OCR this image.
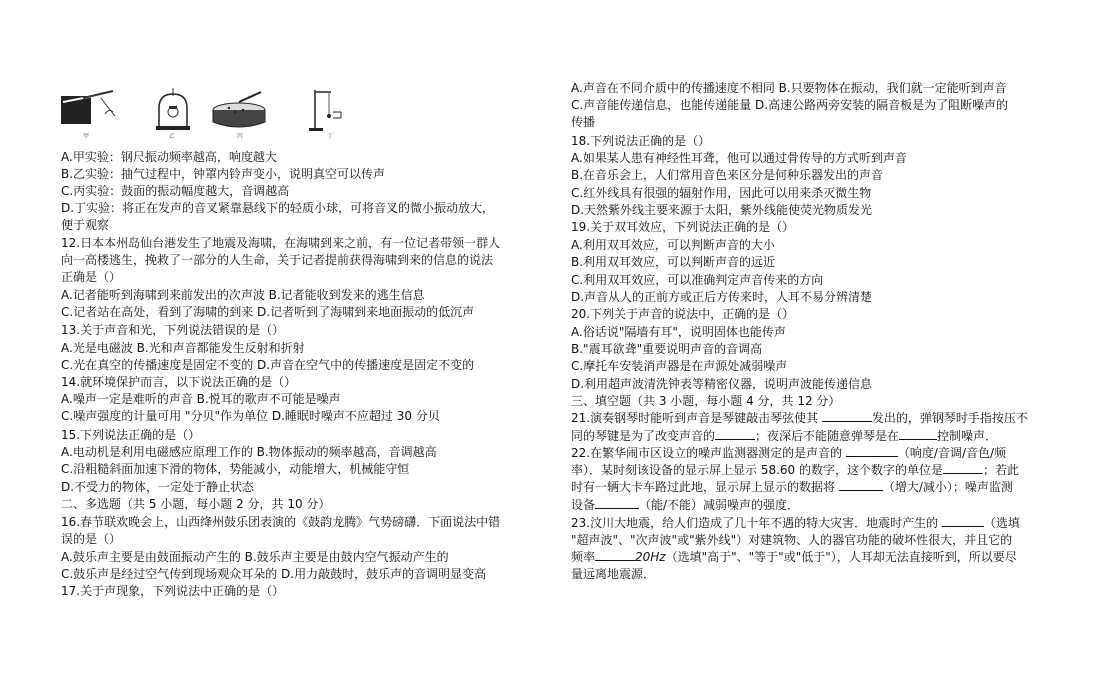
甲	乙	丙	丁
A.甲实验：钢尺振动频率越高，响度越大
B.乙实验：抽气过程中，钟罩内铃声变小，说明真空可以传声
C.丙实验：鼓面的振动幅度越大，音调越高
D.丁实验：将正在发声的音叉紧靠悬线下的轻质小球，可将音叉的微小振动放大，
便于观察
12.日本本州岛仙台港发生了地震及海啸，在海啸到来之前，有一位记者带领一群人
向一高楼逃生，挽救了一部分的人生命，关于记者提前获得海啸到来的信息的说法
正确是（）
A.记者能听到海啸到来前发出的次声波 B.记者能收到发来的逃生信息
C.记者站在高处，看到了海啸的到来 D.记者听到了海啸到来地面振动的低沉声
13.关于声音和光，下列说法错误的是（）
A.光是电磁波 B.光和声音都能发生反射和折射
C.光在真空的传播速度是固定不变的 D.声音在空气中的传播速度是固定不变的
14.就环境保护而言，以下说法正确的是（）
A.噪声一定是难听的声音 B.悦耳的歌声不可能是噪声
C.噪声强度的计量可用 "分贝"作为单位 D.睡眠时噪声不应超过 30 分贝
15.下列说法正确的是（）
A.电动机是利用电磁感应原理工作的 B.物体振动的频率越高，音调越高
C.沿粗糙斜面加速下滑的物体，势能减小，动能增大，机械能守恒
D.不受力的物体，一定处于静止状态
二、多选题（共 5 小题，每小题 2 分，共 10 分）
16.春节联欢晚会上，山西绛州鼓乐团表演的《鼓韵龙腾》气势磅礴．下面说法中错
误的是（）
A.鼓乐声主要是由鼓面振动产生的 B.鼓乐声主要是由鼓内空气振动产生的
C.鼓乐声是经过空气传到现场观众耳朵的 D.用力敲鼓时，鼓乐声的音调明显变高
17.关于声现象，下列说法中正确的是（）
A.声音在不同介质中的传播速度不相同 B.只要物体在振动，我们就一定能听到声音
C.声音能传递信息，也能传递能量 D.高速公路两旁安装的隔音板是为了阻断噪声的
传播
18.下列说法正确的是（）
A.如果某人患有神经性耳聋，他可以通过骨传导的方式听到声音
B.在音乐会上，人们常用音色来区分是何种乐器发出的声音
C.红外线具有很强的辐射作用，因此可以用来杀灭微生物
D.天然紫外线主要来源于太阳，紫外线能使荧光物质发光
19.关于双耳效应，下列说法正确的是（）
A.利用双耳效应，可以判断声音的大小
B.利用双耳效应，可以判断声音的远近
C.利用双耳效应，可以准确判定声音传来的方向
D.声音从人的正前方或正后方传来时，人耳不易分辨清楚
20.下列关于声音的说法中，正确的是（）
A.俗话说"隔墙有耳"，说明固体也能传声
B."震耳欲聋"重要说明声音的音调高
C.摩托车安装消声器是在声源处减弱噪声
D.利用超声波清洗钟表等精密仪器，说明声波能传递信息
三、填空题（共 3 小题，每小题 4 分，共 12 分）
21.演奏钢琴时能听到声音是琴键敲击琴弦使其	发出的，弹钢琴时手指按压不
同的琴键是为了改变声音的	；夜深后不能随意弹琴是在	控制噪声．
22.在繁华闹市区设立的噪声监测器测定的是声音的	（响度/音调/音色/频
率）．某时刻该设备的显示屏上显示 58.60 的数字，这个数字的单位是	；若此
时有一辆大卡车路过此地，显示屏上显示的数据将	（增大/减小）；噪声监测
设备	（能/不能）减弱噪声的强度．
23.汶川大地震，给人们造成了几十年不遇的特大灾害．地震时产生的	（选填
"超声波"、"次声波"或"紫外线"）对建筑物、人的器官功能的破坏性很大，并且它的
频率	20Hz（选填"高于"、"等于"或"低于"），人耳却无法直接听到，所以要尽
量远离地震源．
